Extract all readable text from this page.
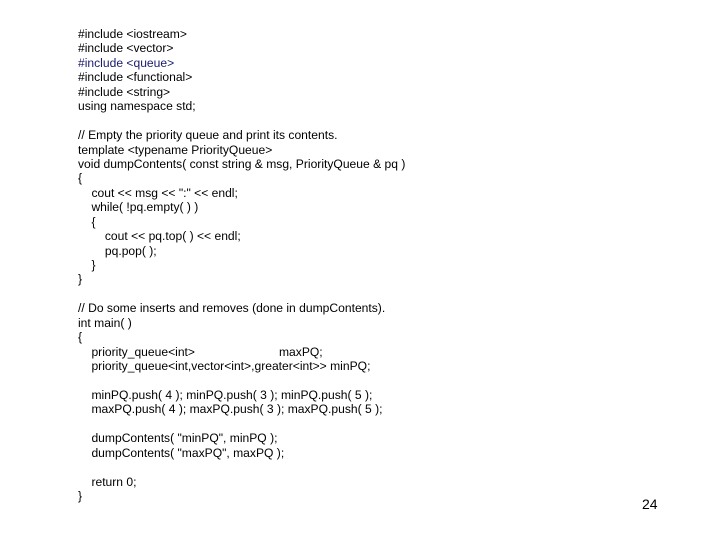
#include <iostream>
#include <vector>
#include <queue>
#include <functional>
#include <string>
using namespace std;
// Empty the priority queue and print its contents.
template <typename PriorityQueue>
void dumpContents( const string & msg, PriorityQueue & pq )
{
cout << msg << ":" << endl;
while( !pq.empty( ) )
{
cout << pq.top( ) << endl;
pq.pop( );
}
}
// Do some inserts and removes (done in dumpContents).
int main( )
{
priority_queue<int>                         maxPQ;
priority_queue<int,vector<int>,greater<int>> minPQ;
minPQ.push( 4 ); minPQ.push( 3 ); minPQ.push( 5 );
maxPQ.push( 4 ); maxPQ.push( 3 ); maxPQ.push( 5 );
dumpContents( "minPQ", minPQ );
dumpContents( "maxPQ", maxPQ );
return 0;
}	24
